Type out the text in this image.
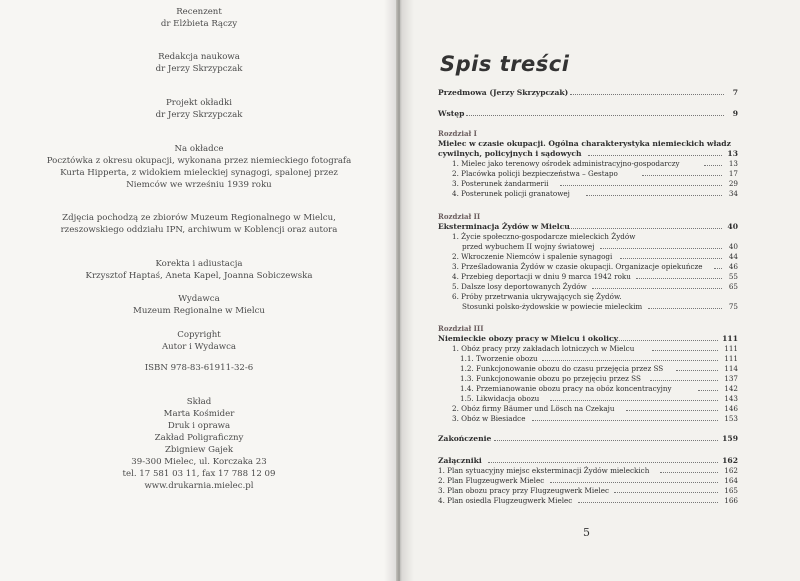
Recenzent

dr Elżbieta Rączy

Redakcja naukowa

dr Jerzy Skrzypczak

Projekt okładki

dr Jerzy Skrzypczak

Na okładce

Pocztówka z okresu okupacji, wykonana przez niemieckiego fotografa

Kurta Hipperta, z widokiem mieleckiej synagogi, spalonej przez

Niemców we wrześniu 1939 roku

Zdjęcia pochodzą ze zbiorów Muzeum Regionalnego w Mielcu,

rzeszowskiego oddziału IPN, archiwum w Koblencji oraz autora

Korekta i adiustacja

Krzysztof Haptaś, Aneta Kapel, Joanna Sobiczewska

Wydawca

Muzeum Regionalne w Mielcu

Copyright

Autor i Wydawca

ISBN 978-83-61911-32-6

Skład

Marta Kośmider

Druk i oprawa

Zakład Poligraficzny

Zbigniew Gajek

39-300 Mielec, ul. Korczaka 23

tel. 17 581 03 11, fax 17 788 12 09

www.drukarnia.mielec.pl

Spis treści
Przedmowa (Jerzy Skrzypczak)	7
Wstęp	9
Rozdział I
Mielec w czasie okupacji. Ogólna charakterystyka niemieckich władz
cywilnych, policyjnych i sądowych	13
1. Mielec jako terenowy ośrodek administracyjno-gospodarczy	13
2. Placówka policji bezpieczeństwa – Gestapo	17
3. Posterunek żandarmerii	29
4. Posterunek policji granatowej	34
Rozdział II
Eksterminacja Żydów w Mielcu	40
1. Życie społeczno-gospodarcze mieleckich Żydów
przed wybuchem II wojny światowej	40
2. Wkroczenie Niemców i spalenie synagogi	44
3. Prześladowania Żydów w czasie okupacji. Organizacje opiekuńcze	46
4. Przebieg deportacji w dniu 9 marca 1942 roku	55
5. Dalsze losy deportowanych Żydów	65
6. Próby przetrwania ukrywających się Żydów.
Stosunki polsko-żydowskie w powiecie mieleckim	75
Rozdział III
Niemieckie obozy pracy w Mielcu i okolicy	111
1. Obóz pracy przy zakładach lotniczych w Mielcu	111
1.1. Tworzenie obozu	111
1.2. Funkcjonowanie obozu do czasu przejęcia przez SS	114
1.3. Funkcjonowanie obozu po przejęciu przez SS	137
1.4. Przemianowanie obozu pracy na obóz koncentracyjny	142
1.5. Likwidacja obozu	143
2. Obóz firmy Bäumer und Lösch na Czekaju	146
3. Obóz w Biesiadce	153
Zakończenie	159
Załączniki	162
1. Plan sytuacyjny miejsc eksterminacji Żydów mieleckich	162
2. Plan Flugzeugwerk Mielec	164
3. Plan obozu pracy przy Flugzeugwerk Mielec	165
4. Plan osiedla Flugzeugwerk Mielec	166
5
